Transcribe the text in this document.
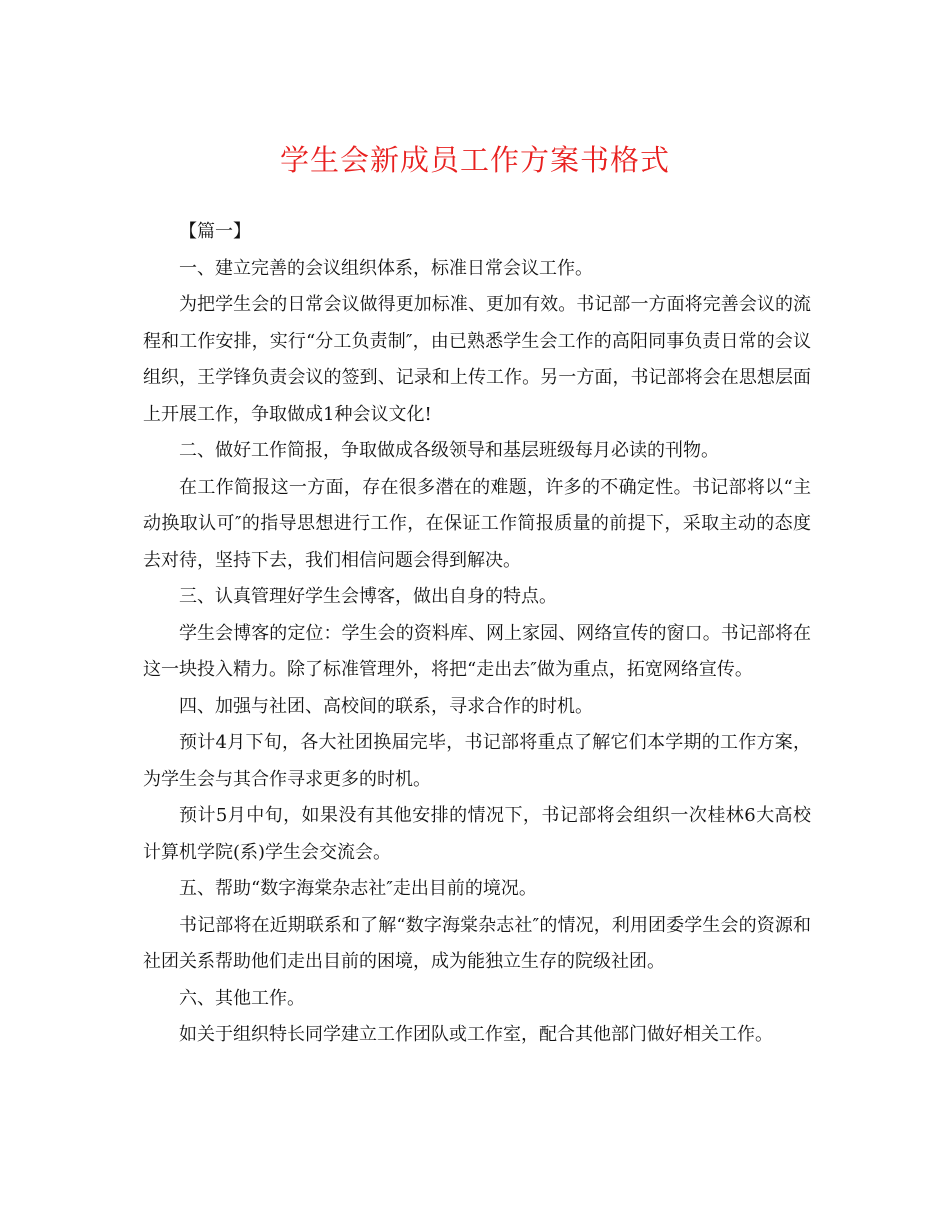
学生会新成员工作方案书格式

【篇一】

一、建立完善的会议组织体系，标准日常会议工作。

为把学生会的日常会议做得更加标准、更加有效。书记部一方面将完善会议的流程和工作安排，实行“分工负责制″，由已熟悉学生会工作的高阳同事负责日常的会议组织，王学锋负责会议的签到、记录和上传工作。另一方面，书记部将会在思想层面上开展工作，争取做成1种会议文化!

二、做好工作简报，争取做成各级领导和基层班级每月必读的刊物。

在工作简报这一方面，存在很多潜在的难题，许多的不确定性。书记部将以“主动换取认可″的指导思想进行工作，在保证工作简报质量的前提下，采取主动的态度去对待，坚持下去，我们相信问题会得到解决。

三、认真管理好学生会博客，做出自身的特点。

学生会博客的定位：学生会的资料库、网上家园、网络宣传的窗口。书记部将在这一块投入精力。除了标准管理外，将把“走出去″做为重点，拓宽网络宣传。

四、加强与社团、高校间的联系，寻求合作的时机。

预计4月下旬，各大社团换届完毕，书记部将重点了解它们本学期的工作方案，为学生会与其合作寻求更多的时机。

预计5月中旬，如果没有其他安排的情况下，书记部将会组织一次桂林6大高校计算机学院(系)学生会交流会。

五、帮助“数字海棠杂志社″走出目前的境况。

书记部将在近期联系和了解“数字海棠杂志社″的情况，利用团委学生会的资源和社团关系帮助他们走出目前的困境，成为能独立生存的院级社团。

六、其他工作。

如关于组织特长同学建立工作团队或工作室，配合其他部门做好相关工作。
